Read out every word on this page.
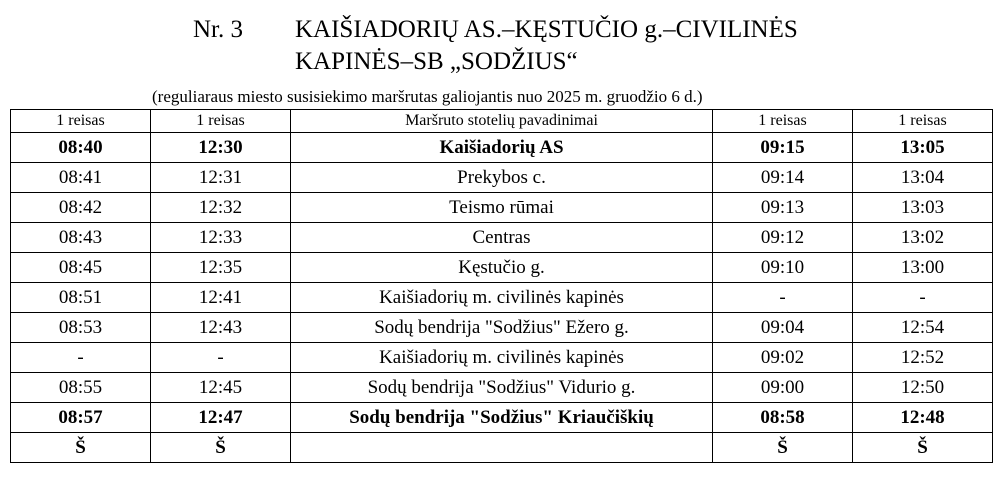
Nr. 3 KAIŠIADORIŲ AS.–KĘSTUČIO g.–CIVILINĖS
KAPINĖS–SB „SODŽIUS“
(reguliaraus miesto susisiekimo maršrutas galiojantis nuo 2025 m. gruodžio 6 d.)
1 reisas	1 reisas	Maršruto stotelių pavadinimai	1 reisas	1 reisas
08:40	12:30	Kaišiadorių AS	09:15	13:05
08:41	12:31	Prekybos c.	09:14	13:04
08:42	12:32	Teismo rūmai	09:13	13:03
08:43	12:33	Centras	09:12	13:02
08:45	12:35	Kęstučio g.	09:10	13:00
08:51	12:41	Kaišiadorių m. civilinės kapinės	-	-
08:53	12:43	Sodų bendrija "Sodžius" Ežero g.	09:04	12:54
-	-	Kaišiadorių m. civilinės kapinės	09:02	12:52
08:55	12:45	Sodų bendrija "Sodžius" Vidurio g.	09:00	12:50
08:57	12:47	Sodų bendrija "Sodžius" Kriaučiškių	08:58	12:48
Š	Š		Š	Š
